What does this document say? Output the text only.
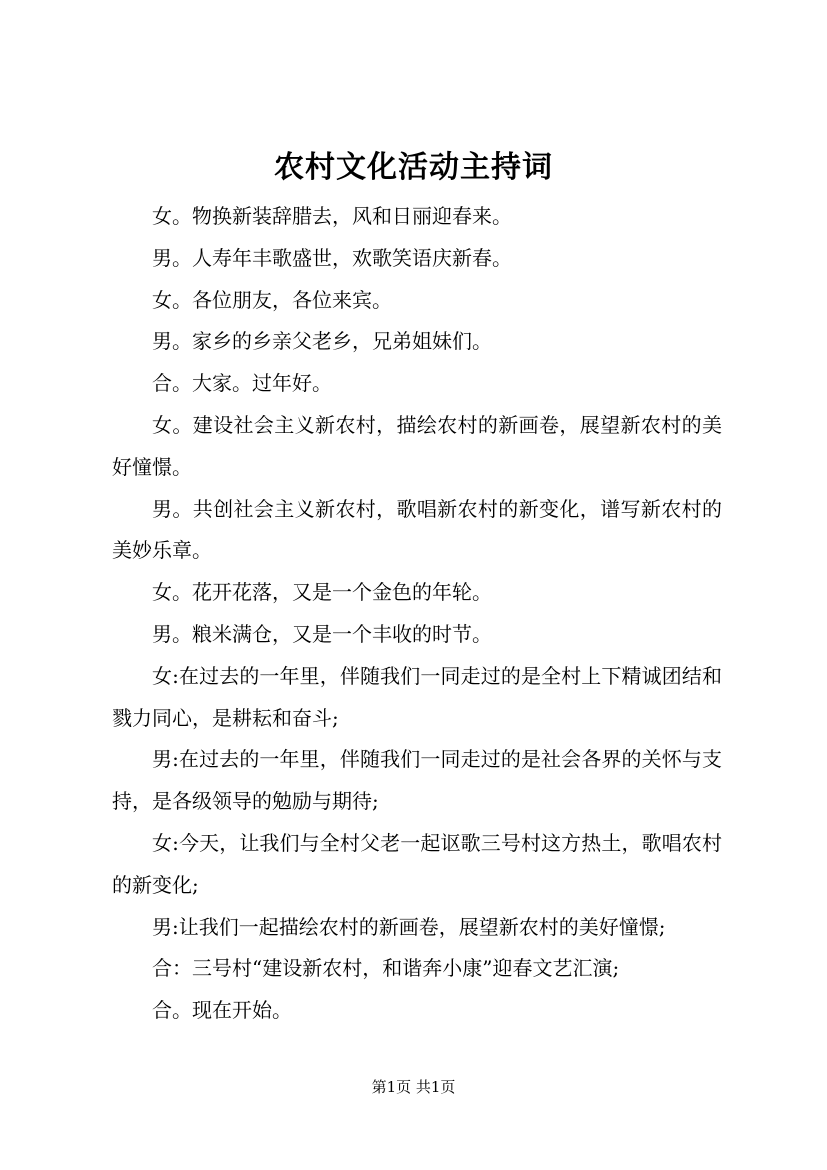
农村文化活动主持词

女。物换新装辞腊去，风和日丽迎春来。

男。人寿年丰歌盛世，欢歌笑语庆新春。

女。各位朋友，各位来宾。

男。家乡的乡亲父老乡，兄弟姐妹们。

合。大家。过年好。

女。建设社会主义新农村，描绘农村的新画卷，展望新农村的美好憧憬。

男。共创社会主义新农村，歌唱新农村的新变化，谱写新农村的美妙乐章。

女。花开花落，又是一个金色的年轮。

男。粮米满仓，又是一个丰收的时节。

女:在过去的一年里，伴随我们一同走过的是全村上下精诚团结和戮力同心，是耕耘和奋斗;

男:在过去的一年里，伴随我们一同走过的是社会各界的关怀与支持，是各级领导的勉励与期待;

女:今天，让我们与全村父老一起讴歌三号村这方热土，歌唱农村的新变化;

男:让我们一起描绘农村的新画卷，展望新农村的美好憧憬;

合：三号村“建设新农村，和谐奔小康”迎春文艺汇演;

合。现在开始。

第1页 共1页
